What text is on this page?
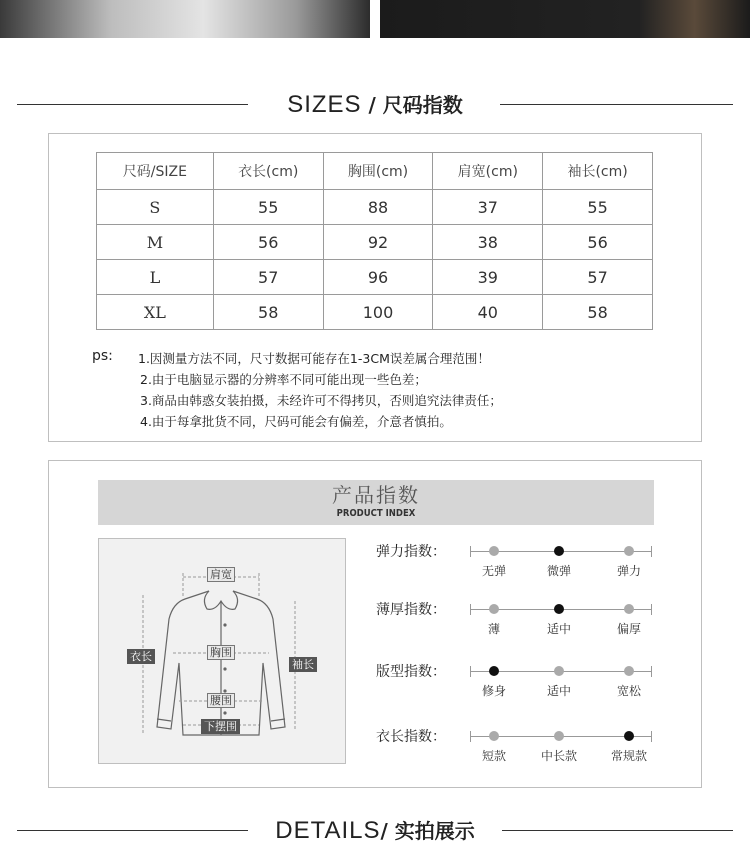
SIZES / 尺码指数
尺码/SIZE	衣长(cm)	胸围(cm)	肩宽(cm)	袖长(cm)
S	55	88	37	55
M	56	92	38	56
L	57	96	39	57
XL	58	100	40	58
ps: 1.因测量方法不同，尺寸数据可能存在1-3CM误差属合理范围！
2.由于电脑显示器的分辨率不同可能出现一些色差；
3.商品由韩惑女装拍摄，未经许可不得拷贝，否则追究法律责任；
4.由于每拿批货不同，尺码可能会有偏差，介意者慎拍。
产品指数
PRODUCT INDEX
肩宽
衣长	胸围
袖长
腰围
下摆围
弹力指数：
无弹	微弹	弹力
薄厚指数：
薄	适中	偏厚
版型指数：
修身	适中	宽松
衣长指数：
短款	中长款	常规款
DETAILS/ 实拍展示
